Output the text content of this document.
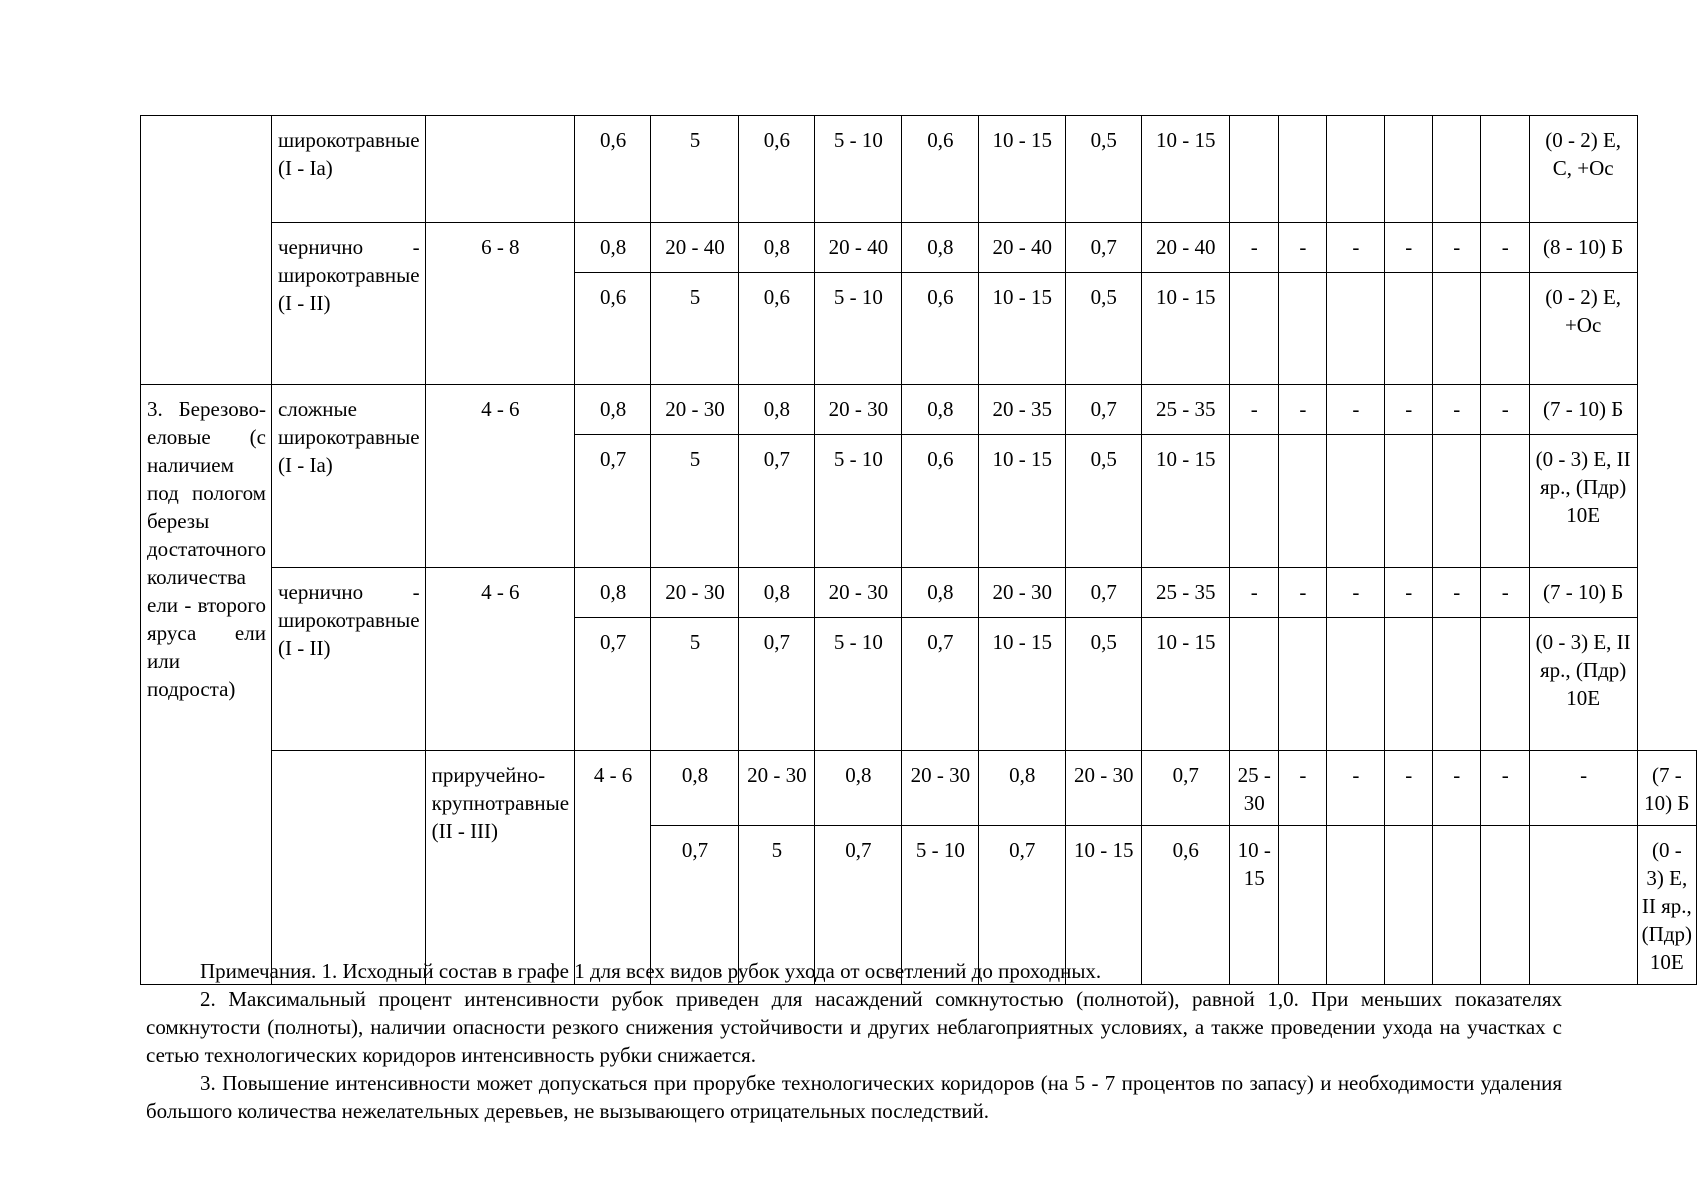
	широкотравные (I - Ia)		0,6	5	0,6	5 - 10	0,6	10 - 15	0,5	10 - 15							(0 - 2) Е, С, +Ос	
	чернично - широкотравные (I - II)	6 - 8	0,8	20 - 40	0,8	20 - 40	0,8	20 - 40	0,7	20 - 40	-	-	-	-	-	-	(8 - 10) Б	
			0,6	5	0,6	5 - 10	0,6	10 - 15	0,5	10 - 15							(0 - 2) Е, +Ос	
3. Березово-еловые (с наличием под пологом березы достаточного количества ели - второго яруса ели или подроста)	сложные широкотравные (I - Ia)	4 - 6	0,8	20 - 30	0,8	20 - 30	0,8	20 - 35	0,7	25 - 35	-	-	-	-	-	-	(7 - 10) Б	
			0,7	5	0,7	5 - 10	0,6	10 - 15	0,5	10 - 15							(0 - 3) Е, II яр., (Пдр) 10Е	
	чернично - широкотравные (I - II)	4 - 6	0,8	20 - 30	0,8	20 - 30	0,8	20 - 30	0,7	25 - 35	-	-	-	-	-	-	(7 - 10) Б	
			0,7	5	0,7	5 - 10	0,7	10 - 15	0,5	10 - 15							(0 - 3) Е, II яр., (Пдр) 10Е	
		приручейно-крупнотравные (II - III)	4 - 6	0,8	20 - 30	0,8	20 - 30	0,8	20 - 30	0,7	25 - 30	-	-	-	-	-	-	(7 - 10) Б
				0,7	5	0,7	5 - 10	0,7	10 - 15	0,6	10 - 15							(0 - 3) Е, II яр., (Пдр) 10Е

Примечания. 1. Исходный состав в графе 1 для всех видов рубок ухода от осветлений до проходных.

2. Максимальный процент интенсивности рубок приведен для насаждений сомкнутостью (полнотой), равной 1,0. При меньших показателях сомкнутости (полноты), наличии опасности резкого снижения устойчивости и других неблагоприятных условиях, а также проведении ухода на участках с сетью технологических коридоров интенсивность рубки снижается.

3. Повышение интенсивности может допускаться при прорубке технологических коридоров (на 5 - 7 процентов по запасу) и необходимости удаления большого количества нежелательных деревьев, не вызывающего отрицательных последствий.
